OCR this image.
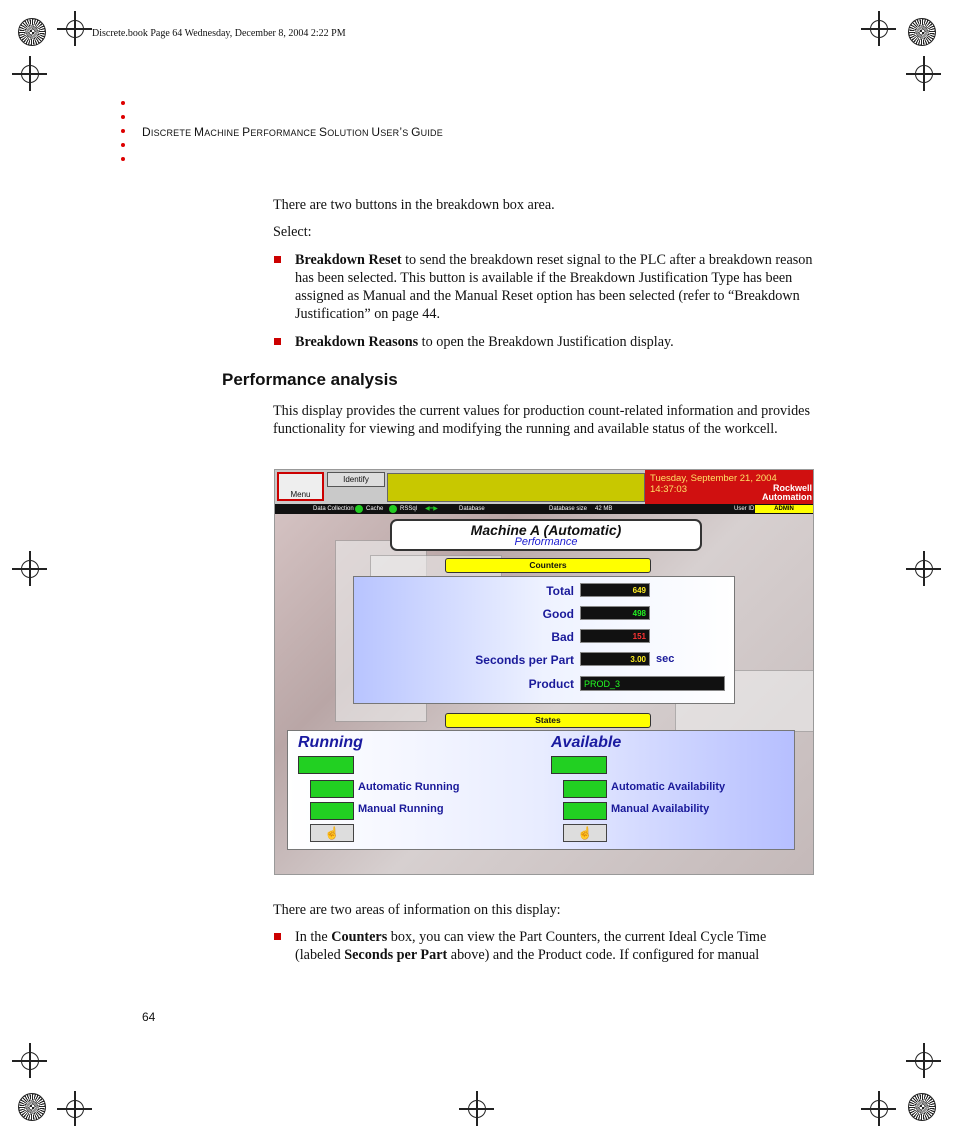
Discrete.book Page 64 Wednesday, December 8, 2004 2:22 PM
DISCRETE MACHINE PERFORMANCE SOLUTION USER’S GUIDE
There are two buttons in the breakdown box area.
Select:
Breakdown Reset to send the breakdown reset signal to the PLC after a breakdown reason has been selected. This button is available if the Breakdown Justification Type has been assigned as Manual and the Manual Reset option has been selected (refer to “Breakdown Justification” on page 44.
Breakdown Reasons to open the Breakdown Justification display.
Performance analysis
This display provides the current values for production count-related information and provides functionality for viewing and modifying the running and available status of the workcell.
Menu
Identify	Tuesday, September 21, 2004
14:37:03	Rockwell
Automation
Data Collection Cache	RSSql ◀━▶	Database	Database size 42 MB	User ID	ADMIN
Machine A (Automatic)
Performance
Counters
Total	649
Good	498
Bad	151
Seconds per Part	3.00 sec
Product	PROD_3
States
Running	Available
Automatic Running	Automatic Availability
Manual Running	Manual Availability
☝	☝
There are two areas of information on this display:
In the Counters box, you can view the Part Counters, the current Ideal Cycle Time (labeled Seconds per Part above) and the Product code. If configured for manual
64
